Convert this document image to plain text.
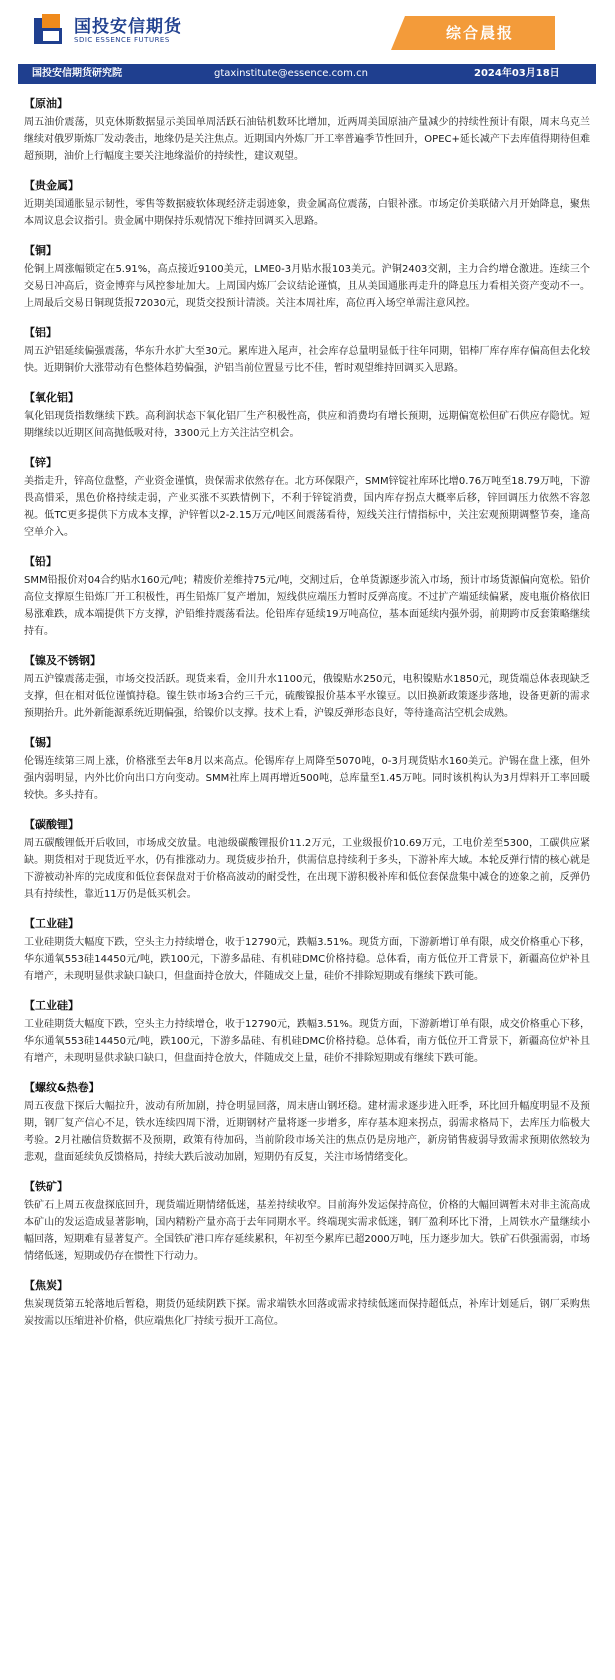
国投安信期货
SDIC ESSENCE FUTURES	综合晨报
国投安信期货研究院	gtaxinstitute@essence.com.cn	2024年03月18日
【原油】
周五油价震荡，贝克休斯数据显示美国单周活跃石油钻机数环比增加，近两周美国原油产量减少的持续性预计有限，周末乌克兰继续对俄罗斯炼厂发动袭击，地缘仍是关注焦点。近期国内外炼厂开工率普遍季节性回升，OPEC+延长减产下去库值得期待但难超预期，油价上行幅度主要关注地缘溢价的持续性，建议观望。
【贵金属】
近期美国通胀显示韧性，零售等数据疲软体现经济走弱迹象，贵金属高位震荡，白银补涨。市场定价美联储六月开始降息，聚焦本周议息会议指引。贵金属中期保持乐观情况下维持回调买入思路。
【铜】
伦铜上周涨幅锁定在5.91%，高点接近9100美元，LME0-3月贴水报103美元。沪铜2403交割，主力合约增仓激进。连续三个交易日冲高后，资金博弈与风控参址加大。上周国内炼厂会议结论谨慎，且从美国通胀再走升的降息压力看相关资产变动不一。上周最后交易日铜现货报72030元，现货交投预计清淡。关注本周社库，高位再入场空单需注意风控。
【铝】
周五沪铝延续偏强震荡，华东升水扩大至30元。累库进入尾声，社会库存总量明显低于往年同期，铝棒厂库存库存偏高但去化较快。近期铜价大涨带动有色整体趋势偏强，沪铝当前位置显亏比不佳，暂时观望维持回调买入思路。
【氧化铝】
氧化铝现货指数继续下跌。高利润状态下氧化铝厂生产积极性高，供应和消费均有增长预期，远期偏宽松但矿石供应存隐忧。短期继续以近期区间高抛低吸对待，3300元上方关注沽空机会。
【锌】
美指走升，锌高位盘整，产业资金谨慎，贵保需求依然存在。北方环保限产，SMM锌锭社库环比增0.76万吨至18.79万吨，下游畏高惜采，黑色价格持续走弱，产业买涨不买跌情例下，不利于锌锭消费，国内库存拐点大概率后移，锌回调压力依然不容忽视。低TC更多提供下方成本支撑，沪锌暂以2-2.15万元/吨区间震荡看待，短线关注行情指标中，关注宏观预期调整节奏，逢高空单介入。
【铅】
SMM铅报价对04合约贴水160元/吨；精废价差维持75元/吨，交割过后，仓单货源逐步流入市场，预计市场货源偏向宽松。铅价高位支撑原生铅炼厂开工积极性，再生铅炼厂复产增加，短线供应端压力暂时反弹高度。不过扩产端延续偏紧，废电瓶价格依旧易涨难跌，成本端提供下方支撑，沪铅维持震荡看法。伦铅库存延续19万吨高位，基本面延续内强外弱，前期跨市反套策略继续持有。
【镍及不锈钢】
周五沪镍震荡走强，市场交投活跃。现货来看，金川升水1100元，俄镍贴水250元，电积镍贴水1850元，现货端总体表现缺乏支撑，但在相对低位谨慎持稳。镍生铁市场3合约三千元，硫酸镍报价基本平水镍豆。以旧换新政策逐步落地，设备更新的需求预期抬升。此外新能源系统近期偏强，给镍价以支撑。技术上看，沪镍反弹形态良好，等待逢高沽空机会成熟。
【锡】
伦锡连续第三周上涨，价格涨至去年8月以来高点。伦锡库存上周降至5070吨，0-3月现货贴水160美元。沪锡在盘上涨，但外强内弱明显，内外比价向出口方向变动。SMM社库上周再增近500吨，总库量至1.45万吨。同时该机构认为3月焊料开工率回暖较快。多头持有。
【碳酸锂】
周五碳酸锂低开后收回，市场成交放量。电池级碳酸锂报价11.2万元，工业级报价10.69万元，工电价差至5300，工碳供应紧缺。期货相对于现货近平水，仍有推涨动力。现货疲步抬升，供需信息持续利于多头，下游补库大域。本轮反弹行情的核心就是下游被动补库的完成度和低位套保盘对于价格高波动的耐受性，在出现下游积极补库和低位套保盘集中减仓的迹象之前，反弹仍具有持续性，靠近11万仍是低买机会。
【工业硅】
工业硅期货大幅度下跌，空头主力持续增仓，收于12790元，跌幅3.51%。现货方面，下游新增订单有限，成交价格重心下移，华东通氧553硅14450元/吨，跌100元，下游多晶硅、有机硅DMC价格持稳。总体看，南方低位开工背景下，新疆高位炉补且有增产，未现明显供求缺口缺口，但盘面持仓放大，伴随成交上量，硅价不排除短期或有继续下跌可能。
【工业硅】
工业硅期货大幅度下跌，空头主力持续增仓，收于12790元，跌幅3.51%。现货方面，下游新增订单有限，成交价格重心下移，华东通氧553硅14450元/吨，跌100元，下游多晶硅、有机硅DMC价格持稳。总体看，南方低位开工背景下，新疆高位炉补且有增产，未现明显供求缺口缺口，但盘面持仓放大，伴随成交上量，硅价不排除短期或有继续下跌可能。
【螺纹&热卷】
周五夜盘下探后大幅拉升，波动有所加剧，持仓明显回落，周末唐山钢坯稳。建材需求逐步进入旺季，环比回升幅度明显不及预期，钢厂复产信心不足，铁水连续四周下滑，近期钢材产量将逐一步增多，库存基本迎来拐点，弱需求格局下，去库压力临极大考验。2月社融信贷数据不及预期，政策有待加码，当前阶段市场关注的焦点仍是房地产，新房销售疲弱导致需求预期依然较为悲观，盘面延续负反馈格局，持续大跌后波动加剧，短期仍有反复，关注市场情绪变化。
【铁矿】
铁矿石上周五夜盘探底回升，现货端近期情绪低迷，基差持续收窄。目前海外发运保持高位，价格的大幅回调暂未对非主流高成本矿山的发运造成显著影响，国内精粉产量亦高于去年同期水平。终端现实需求低迷，钢厂盈利环比下滑，上周铁水产量继续小幅回落，短期难有显著复产。全国铁矿港口库存延续累积，年初至今累库已超2000万吨，压力逐步加大。铁矿石供强需弱，市场情绪低迷，短期或仍存在惯性下行动力。
【焦炭】
焦炭现货第五轮落地后暂稳，期货仍延续阴跌下探。需求端铁水回落或需求持续低迷而保持超低点，补库计划延后，钢厂采购焦炭按需以压缩进补价格，供应端焦化厂持续亏损开工高位。
